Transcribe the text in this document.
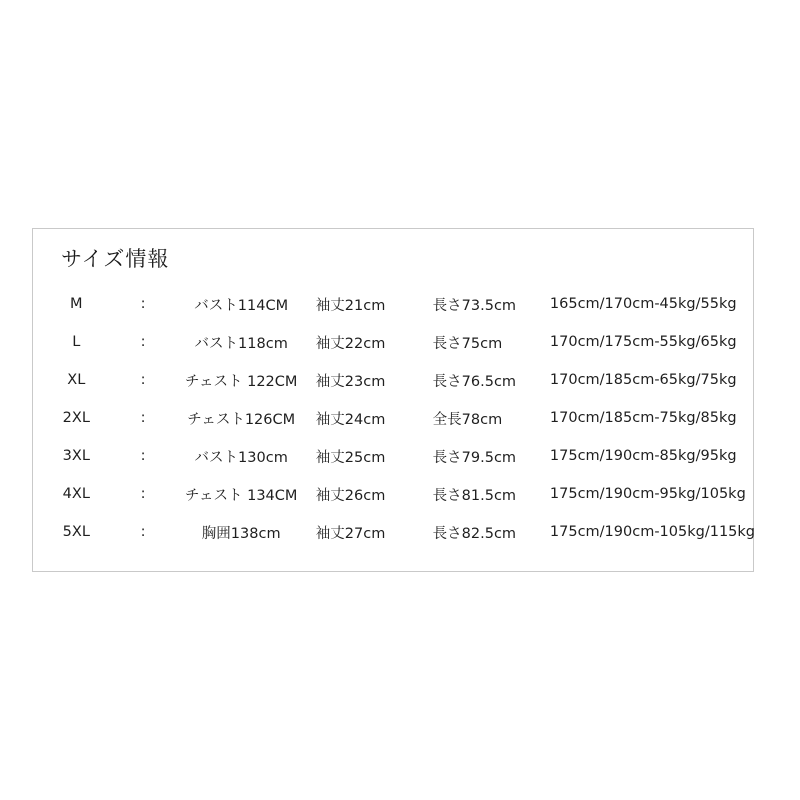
サイズ情報
M	:	バスト114CM	袖丈21cm	長さ73.5cm	165cm/170cm-45kg/55kg
L	:	バスト118cm	袖丈22cm	長さ75cm	170cm/175cm-55kg/65kg
XL	:	チェスト 122CM	袖丈23cm	長さ76.5cm	170cm/185cm-65kg/75kg
2XL	:	チェスト126CM	袖丈24cm	全長78cm	170cm/185cm-75kg/85kg
3XL	:	バスト130cm	袖丈25cm	長さ79.5cm	175cm/190cm-85kg/95kg
4XL	:	チェスト 134CM	袖丈26cm	長さ81.5cm	175cm/190cm-95kg/105kg
5XL	:	胸囲138cm	袖丈27cm	長さ82.5cm	175cm/190cm-105kg/115kg
